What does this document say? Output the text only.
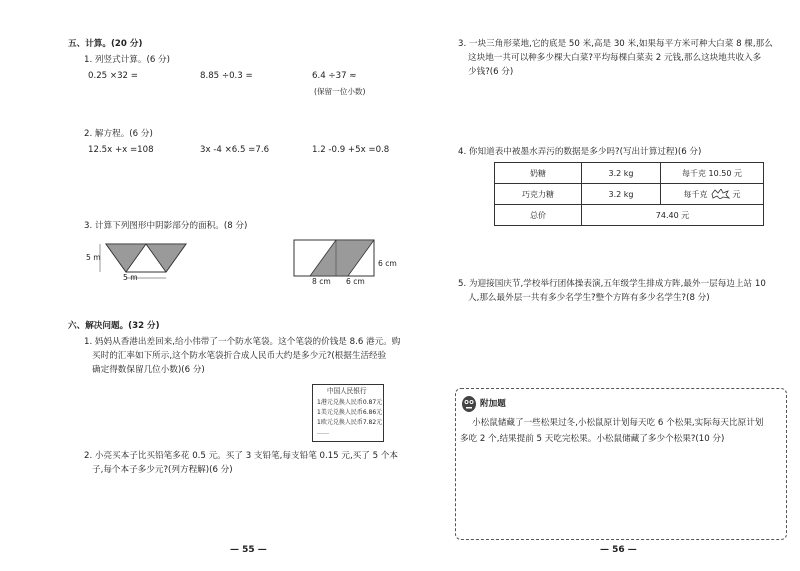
五、计算。(20 分)
1. 列竖式计算。(6 分)
0.25 ×32 =	8.85 ÷0.3 =	6.4 ÷37 ≈
(保留一位小数)
2. 解方程。(6 分)
12.5x +x =108	3x -4 ×6.5 =7.6	1.2 -0.9 +5x =0.8
3. 计算下列图形中阴影部分的面积。(8 分)
5 m
5 m	8 cm 6 cm
6 cm
六、解决问题。(32 分)
1. 妈妈从香港出差回来,给小伟带了一个防水笔袋。这个笔袋的价钱是 8.6 港元。购
买时的汇率如下所示,这个防水笔袋折合成人民币大约是多少元?(根据生活经验
确定得数保留几位小数)(6 分)
中国人民银行
1港元兑换人民币0.87元
1美元兑换人民币6.86元
1欧元兑换人民币7.82元
……
2. 小亮买本子比买铅笔多花 0.5 元。买了 3 支铅笔,每支铅笔 0.15 元,买了 5 个本
子,每个本子多少元?(列方程解)(6 分)
— 55 —
3. 一块三角形菜地,它的底是 50 米,高是 30 米,如果每平方米可种大白菜 8 棵,那么
这块地一共可以种多少棵大白菜?平均每棵白菜卖 2 元钱,那么这块地共收入多
少钱?(6 分)
4. 你知道表中被墨水弄污的数据是多少吗?(写出计算过程)(6 分)
奶糖	3.2 kg	每千克 10.50 元
巧克力糖	3.2 kg	每千克 元
总价	74.40 元	
5. 为迎接国庆节,学校举行团体操表演,五年级学生排成方阵,最外一层每边上站 10
人,那么最外层一共有多少名学生?整个方阵有多少名学生?(8 分)
— 56 —
附加题
小松鼠储藏了一些松果过冬,小松鼠原计划每天吃 6 个松果,实际每天比原计划
多吃 2 个,结果提前 5 天吃完松果。小松鼠储藏了多少个松果?(10 分)
